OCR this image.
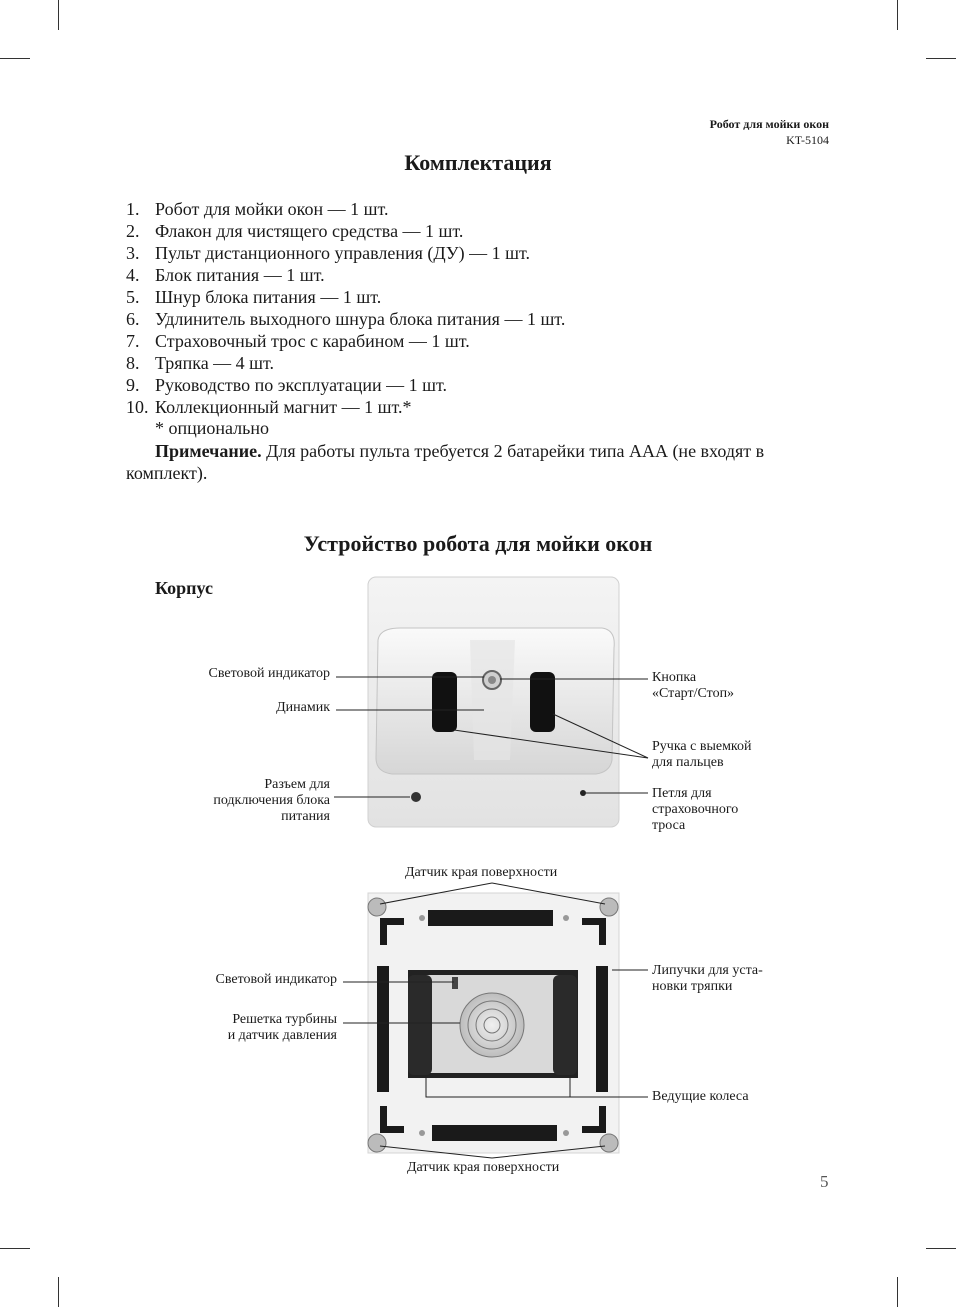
Робот для мойки окон
KT-5104
Комплектация
1. Робот для мойки окон — 1 шт.
2. Флакон для чистящего средства — 1 шт.
3. Пульт дистанционного управления (ДУ) — 1 шт.
4. Блок питания — 1 шт.
5. Шнур блока питания — 1 шт.
6. Удлинитель выходного шнура блока питания — 1 шт.
7. Страховочный трос с карабином — 1 шт.
8. Тряпка — 4 шт.
9. Руководство по эксплуатации — 1 шт.
10. Коллекционный магнит — 1 шт.*
* опционально
Примечание. Для работы пульта требуется 2 батарейки типа ААА (не входят в комплект).
Устройство робота для мойки окон
Корпус
Световой индикатор
Динамик
Разъем для подключения блока питания
Кнопка
«Старт/Стоп»
Ручка с выемкой
для пальцев
Петля для
страховочного
троса
Датчик края поверхности
Световой индикатор
Решетка турбины
и датчик давления
Липучки для уста-
новки тряпки
Ведущие колеса
Датчик края поверхности
5
